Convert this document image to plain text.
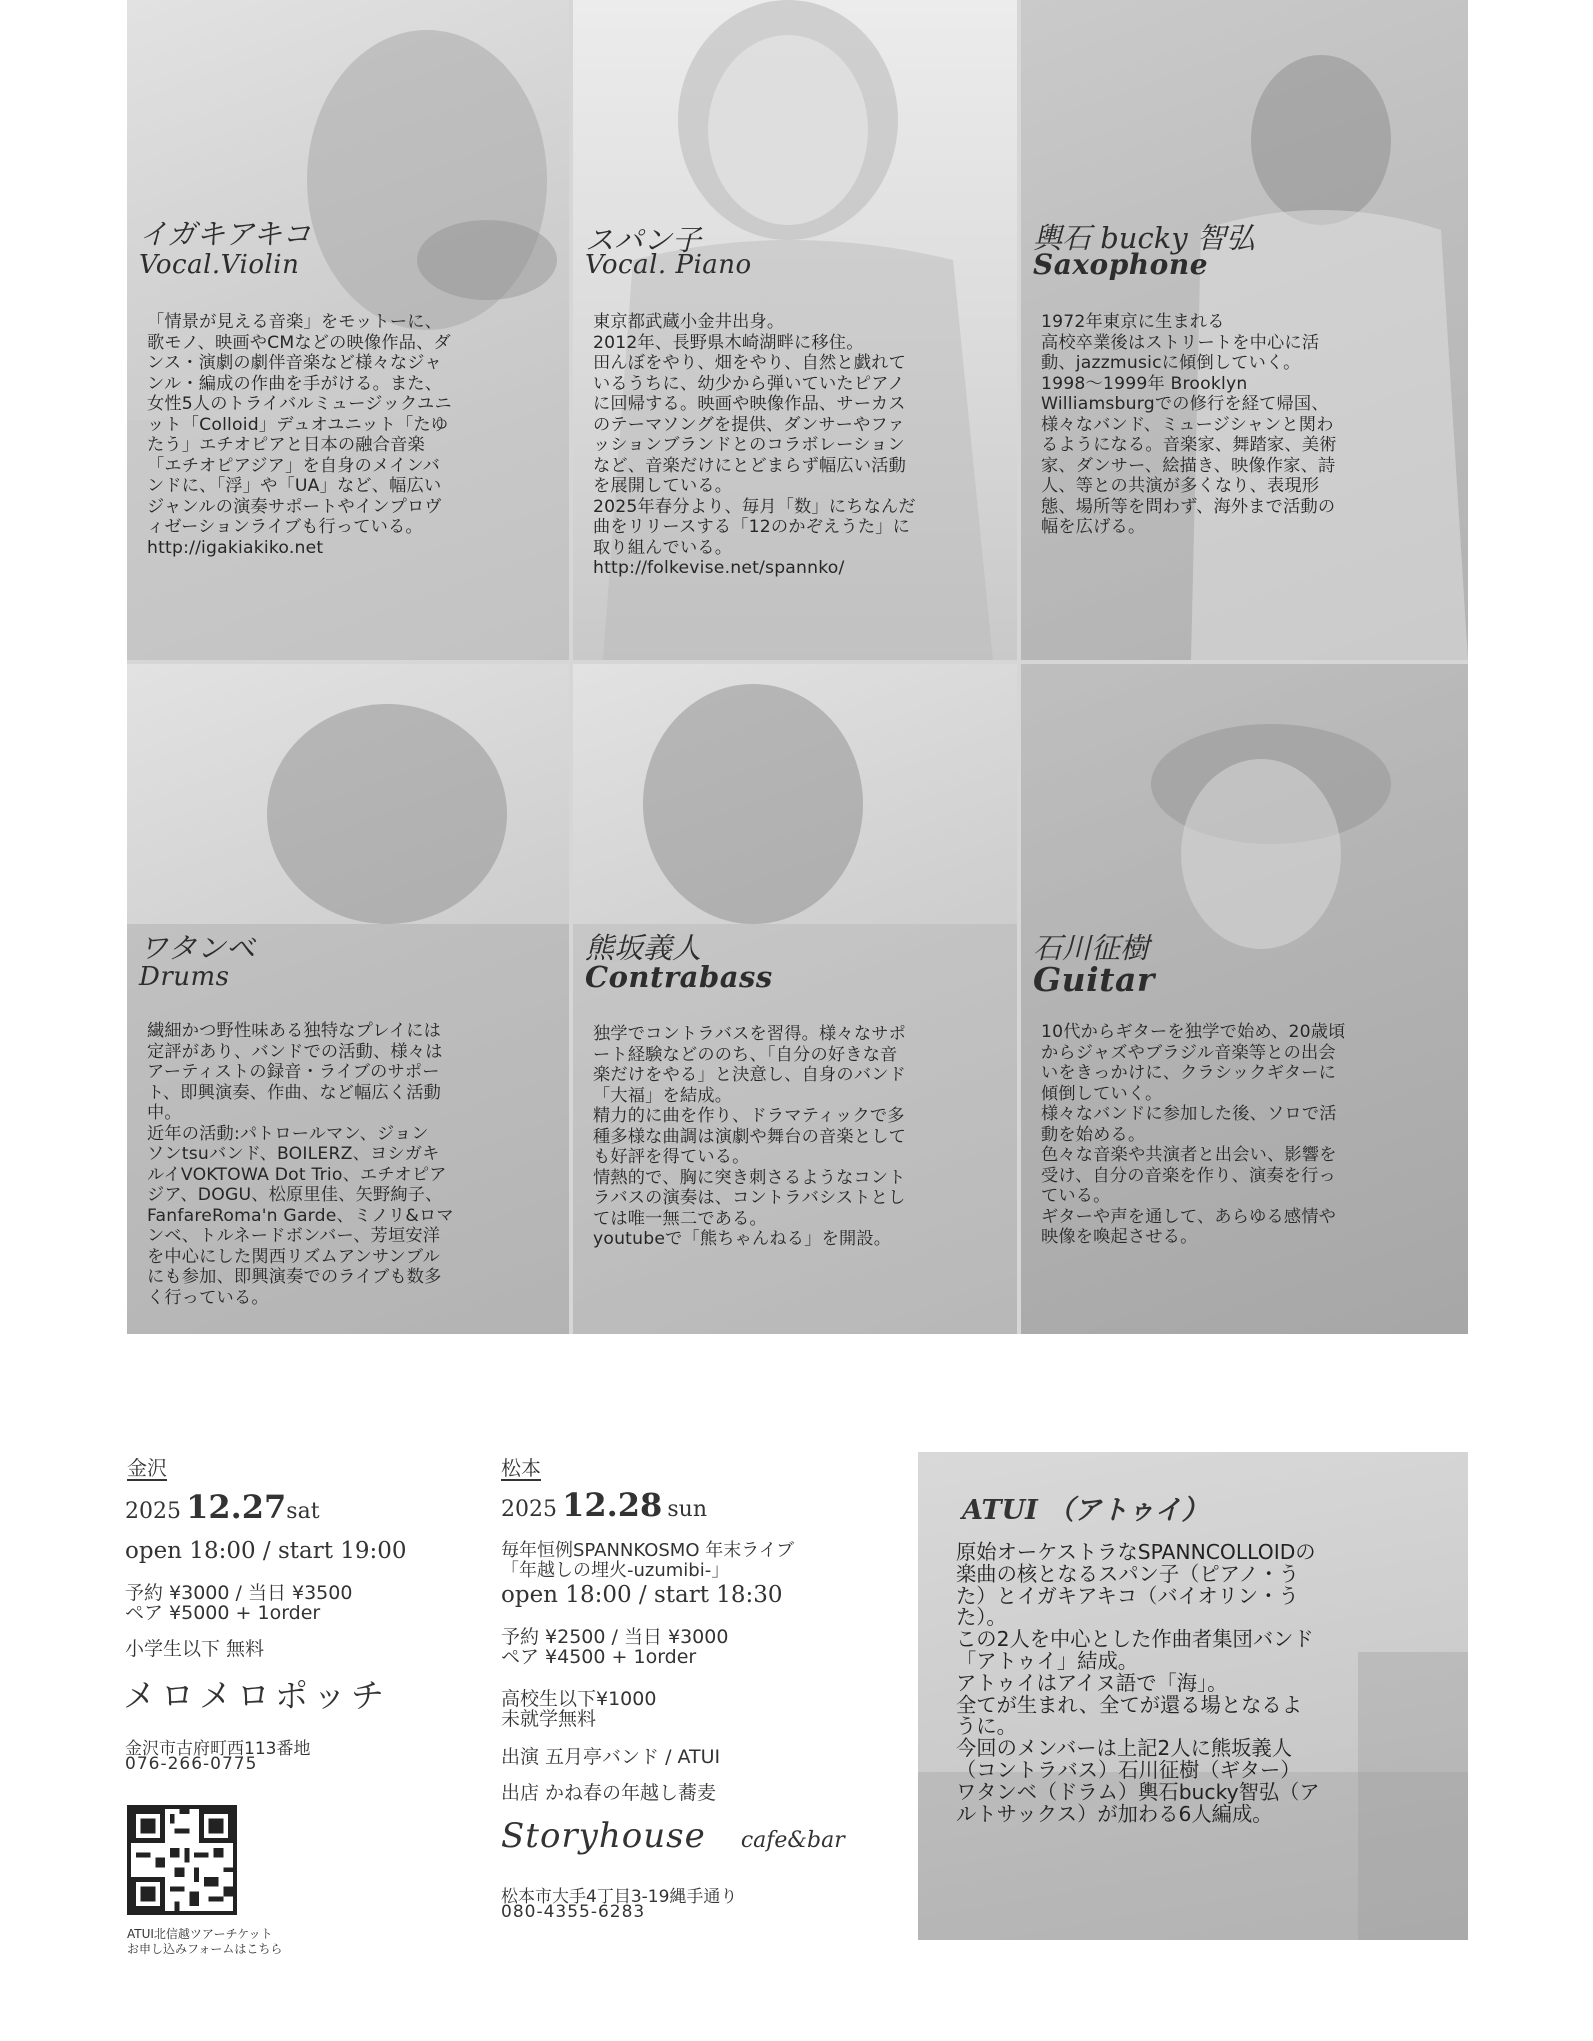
イガキアキコ
Vocal.Violin
「情景が見える音楽」をモットーに、
歌モノ、映画やCMなどの映像作品、ダ
ンス・演劇の劇伴音楽など様々なジャ
ンル・編成の作曲を手がける。また、
女性5人のトライバルミュージックユニ
ット「Colloid」デュオユニット「たゆ
たう」エチオピアと日本の融合音楽
「エチオピアジア」を自身のメインバ
ンドに、「浮」や「UA」など、幅広い
ジャンルの演奏サポートやインプロヴ
ィゼーションライブも行っている。
http://igakiakiko.net
スパン子
Vocal. Piano
東京都武蔵小金井出身。
2012年、長野県木崎湖畔に移住。
田んぼをやり、畑をやり、自然と戯れて
いるうちに、幼少から弾いていたピアノ
に回帰する。映画や映像作品、サーカス
のテーマソングを提供、ダンサーやファ
ッションブランドとのコラボレーション
など、音楽だけにとどまらず幅広い活動
を展開している。
2025年春分より、毎月「数」にちなんだ
曲をリリースする「12のかぞえうた」に
取り組んでいる。
http://folkevise.net/spannko/
輿石 bucky 智弘
Saxophone
1972年東京に生まれる
高校卒業後はストリートを中心に活
動、jazzmusicに傾倒していく。
1998〜1999年 Brooklyn
Williamsburgでの修行を経て帰国、
様々なバンド、ミュージシャンと関わ
るようになる。音楽家、舞踏家、美術
家、ダンサー、絵描き、映像作家、詩
人、等との共演が多くなり、表現形
態、場所等を問わず、海外まで活動の
幅を広げる。
ワタンベ
Drums
繊細かつ野性味ある独特なプレイには
定評があり、バンドでの活動、様々は
アーティストの録音・ライブのサポー
ト、即興演奏、作曲、など幅広く活動
中。
近年の活動:パトロールマン、ジョン
ソンtsuバンド、BOILERZ、ヨシガキ
ルイVOKTOWA Dot Trio、エチオピア
ジア、DOGU、松原里佳、矢野絢子、
FanfareRoma'n Garde、ミノリ&ロマ
ンベ、トルネードボンバー、芳垣安洋
を中心にした関西リズムアンサンブル
にも参加、即興演奏でのライブも数多
く行っている。
熊坂義人
Contrabass
独学でコントラバスを習得。様々なサポ
ート経験などののち、「自分の好きな音
楽だけをやる」と決意し、自身のバンド
「大福」を結成。
精力的に曲を作り、ドラマティックで多
種多様な曲調は演劇や舞台の音楽として
も好評を得ている。
情熱的で、胸に突き刺さるようなコント
ラバスの演奏は、コントラバシストとし
ては唯一無二である。
youtubeで「熊ちゃんねる」を開設。
石川征樹
Guitar
10代からギターを独学で始め、20歳頃
からジャズやブラジル音楽等との出会
いをきっかけに、クラシックギターに
傾倒していく。
様々なバンドに参加した後、ソロで活
動を始める。
色々な音楽や共演者と出会い、影響を
受け、自分の音楽を作り、演奏を行っ
ている。
ギターや声を通して、あらゆる感情や
映像を喚起させる。
金沢
2025 12.27sat
open 18:00 / start 19:00
予約 ¥3000 / 当日 ¥3500
ペア ¥5000 + 1order
小学生以下 無料
メロメロポッチ
金沢市古府町西113番地
076-266-0775
ATUI北信越ツアーチケット
お申し込みフォームはこちら
松本
2025 12.28 sun
毎年恒例SPANNKOSMO 年末ライブ
「年越しの埋火-uzumibi-」
open 18:00 / start 18:30
予約 ¥2500 / 当日 ¥3000
ペア ¥4500 + 1order
高校生以下¥1000
未就学無料
出演 五月亭バンド / ATUI
出店 かね春の年越し蕎麦
Storyhouse cafe&bar
松本市大手4丁目3-19縄手通り
080-4355-6283
ATUI （アトゥイ）
原始オーケストラなSPANNCOLLOIDの
楽曲の核となるスパン子（ピアノ・う
た）とイガキアキコ（バイオリン・う
た）。
この2人を中心とした作曲者集団バンド
「アトゥイ」結成。
アトゥイはアイヌ語で「海」。
全てが生まれ、全てが還る場となるよ
うに。
今回のメンバーは上記2人に熊坂義人
（コントラバス）石川征樹（ギター）
ワタンベ（ドラム）輿石bucky智弘（ア
ルトサックス）が加わる6人編成。
